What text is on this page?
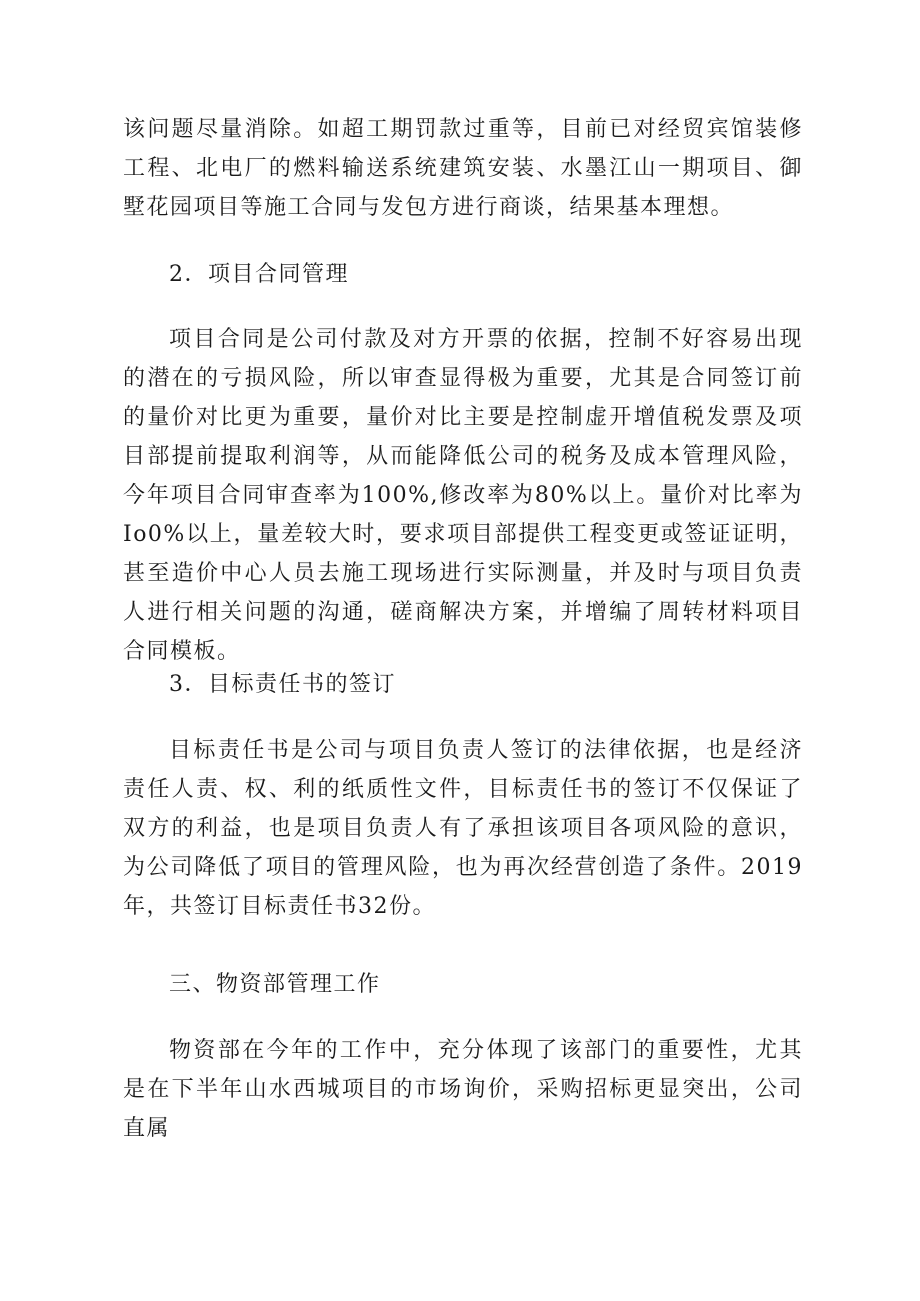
该问题尽量消除。如超工期罚款过重等，目前已对经贸宾馆装修工程、北电厂的燃料输送系统建筑安装、水墨江山一期项目、御墅花园项目等施工合同与发包方进行商谈，结果基本理想。

2．项目合同管理

项目合同是公司付款及对方开票的依据，控制不好容易出现的潜在的亏损风险，所以审查显得极为重要，尤其是合同签订前的量价对比更为重要，量价对比主要是控制虚开增值税发票及项目部提前提取利润等，从而能降低公司的税务及成本管理风险，今年项目合同审查率为100%,修改率为80%以上。量价对比率为Io0%以上，量差较大时，要求项目部提供工程变更或签证证明，甚至造价中心人员去施工现场进行实际测量，并及时与项目负责人进行相关问题的沟通，磋商解决方案，并增编了周转材料项目合同模板。

3．目标责任书的签订

目标责任书是公司与项目负责人签订的法律依据，也是经济责任人责、权、利的纸质性文件，目标责任书的签订不仅保证了双方的利益，也是项目负责人有了承担该项目各项风险的意识，为公司降低了项目的管理风险，也为再次经营创造了条件。2019年，共签订目标责任书32份。

三、物资部管理工作

物资部在今年的工作中，充分体现了该部门的重要性，尤其是在下半年山水西城项目的市场询价，采购招标更显突出，公司直属
